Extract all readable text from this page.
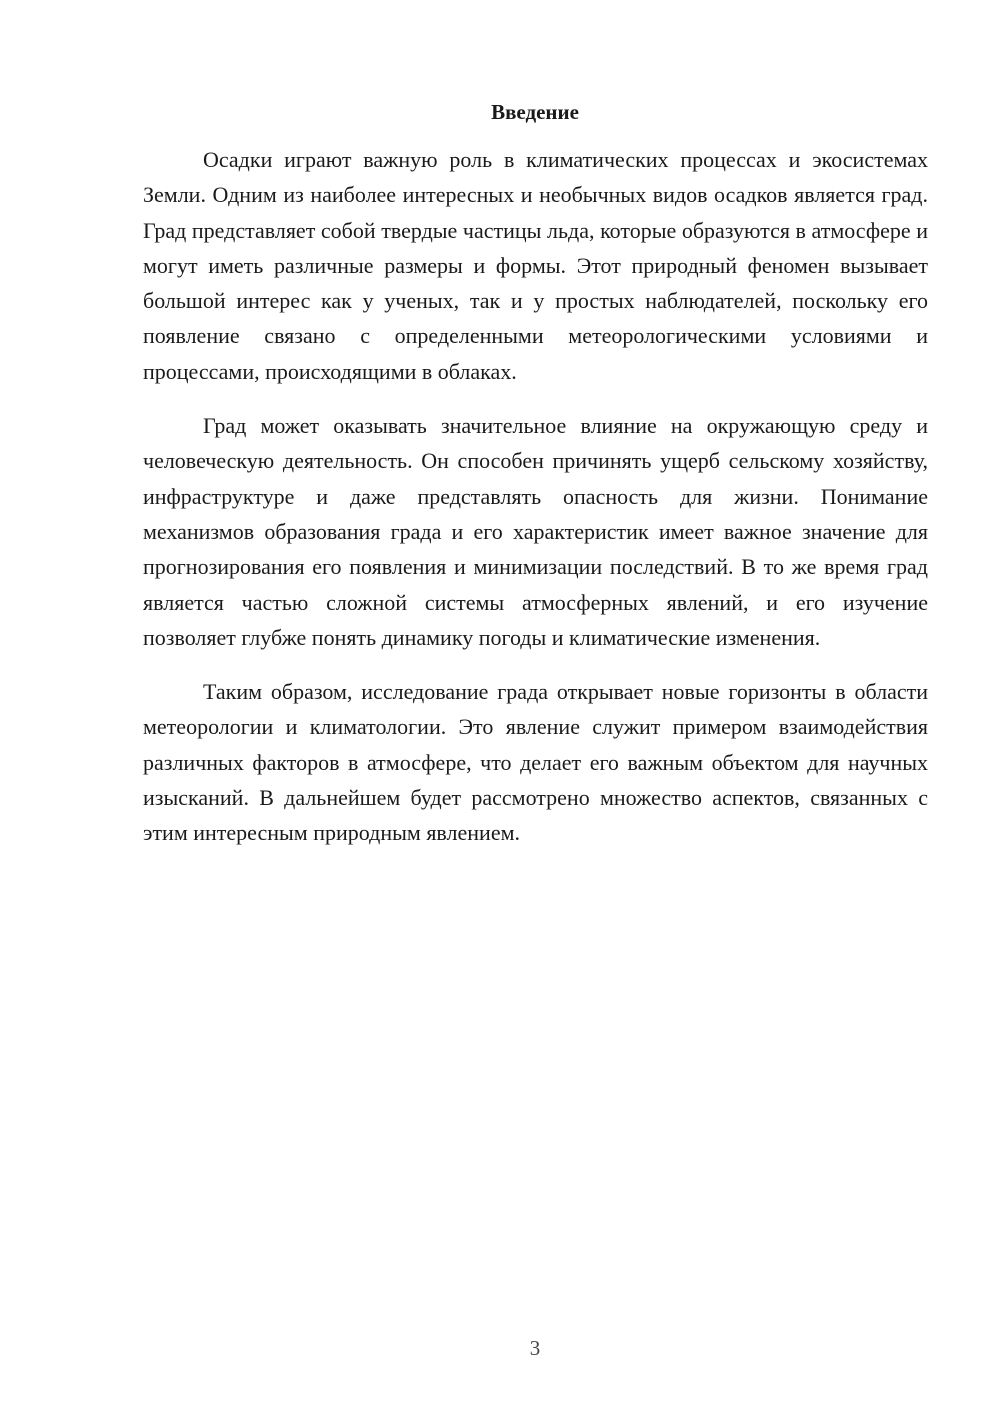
Введение

Осадки играют важную роль в климатических процессах и экосистемах Земли. Одним из наиболее интересных и необычных видов осадков является град. Град представляет собой твердые частицы льда, которые образуются в атмосфере и могут иметь различные размеры и формы. Этот природный феномен вызывает большой интерес как у ученых, так и у простых наблюдателей, поскольку его появление связано с определенными метеорологическими условиями и процессами, происходящими в облаках.

Град может оказывать значительное влияние на окружающую среду и человеческую деятельность. Он способен причинять ущерб сельскому хозяйству, инфраструктуре и даже представлять опасность для жизни. Понимание механизмов образования града и его характеристик имеет важное значение для прогнозирования его появления и минимизации последствий. В то же время град является частью сложной системы атмосферных явлений, и его изучение позволяет глубже понять динамику погоды и климатические изменения.

Таким образом, исследование града открывает новые горизонты в области метеорологии и климатологии. Это явление служит примером взаимодействия различных факторов в атмосфере, что делает его важным объектом для научных изысканий. В дальнейшем будет рассмотрено множество аспектов, связанных с этим интересным природным явлением.

3
